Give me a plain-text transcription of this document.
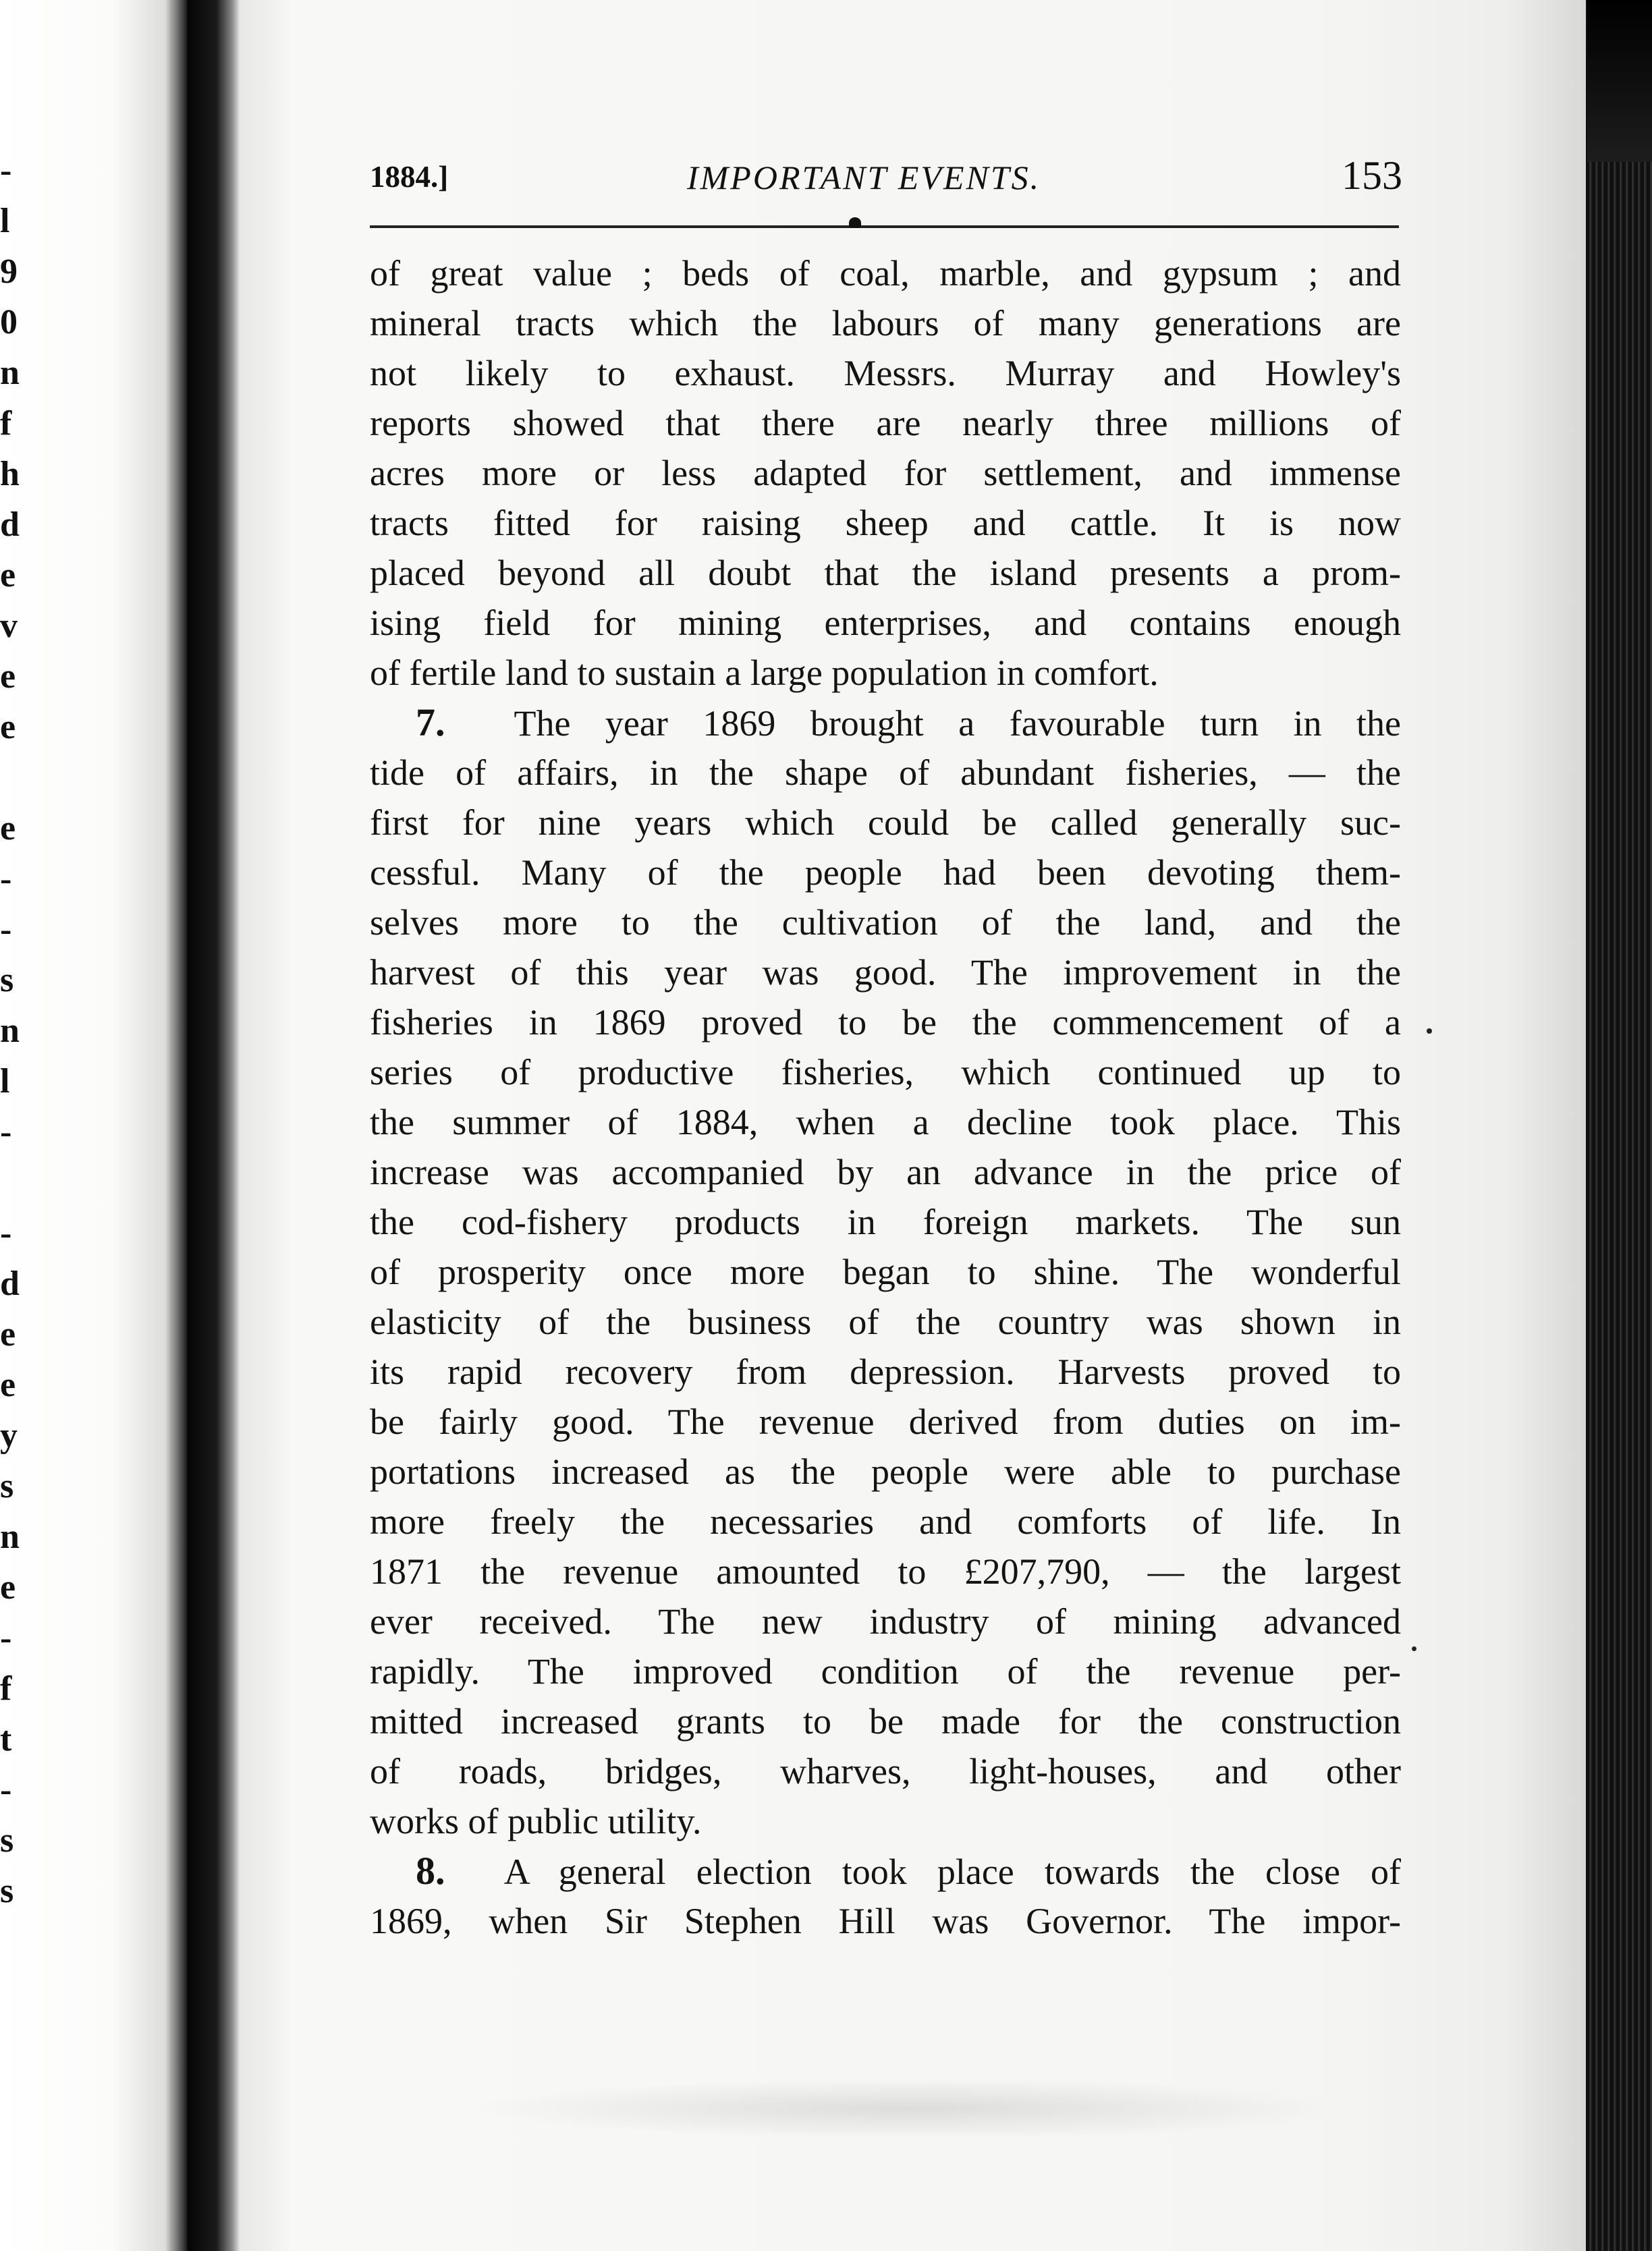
-
l
9
0
n
f
h
d
e
v
e
e
e
-
-
s
n
l
-
-
d
e
e
y
s
n
e
-
f
t
-
s
s
1884.]	IMPORTANT EVENTS.	153
of great value ; beds of coal, marble, and gypsum ; and
mineral tracts which the labours of many generations are
not likely to exhaust. Messrs. Murray and Howley's
reports showed that there are nearly three millions of
acres more or less adapted for settlement, and immense
tracts fitted for raising sheep and cattle. It is now
placed beyond all doubt that the island presents a prom-
ising field for mining enterprises, and contains enough
of fertile land to sustain a large population in comfort.
7. The year 1869 brought a favourable turn in the
tide of affairs, in the shape of abundant fisheries, — the
first for nine years which could be called generally suc-
cessful. Many of the people had been devoting them-
selves more to the cultivation of the land, and the
harvest of this year was good. The improvement in the
fisheries in 1869 proved to be the commencement of a
series of productive fisheries, which continued up to
the summer of 1884, when a decline took place. This
increase was accompanied by an advance in the price of
the cod-fishery products in foreign markets. The sun
of prosperity once more began to shine. The wonderful
elasticity of the business of the country was shown in
its rapid recovery from depression. Harvests proved to
be fairly good. The revenue derived from duties on im-
portations increased as the people were able to purchase
more freely the necessaries and comforts of life. In
1871 the revenue amounted to £207,790, — the largest
ever received. The new industry of mining advanced
rapidly. The improved condition of the revenue per-
mitted increased grants to be made for the construction
of roads, bridges, wharves, light-houses, and other
works of public utility.
8. A general election took place towards the close of
1869, when Sir Stephen Hill was Governor. The impor-
